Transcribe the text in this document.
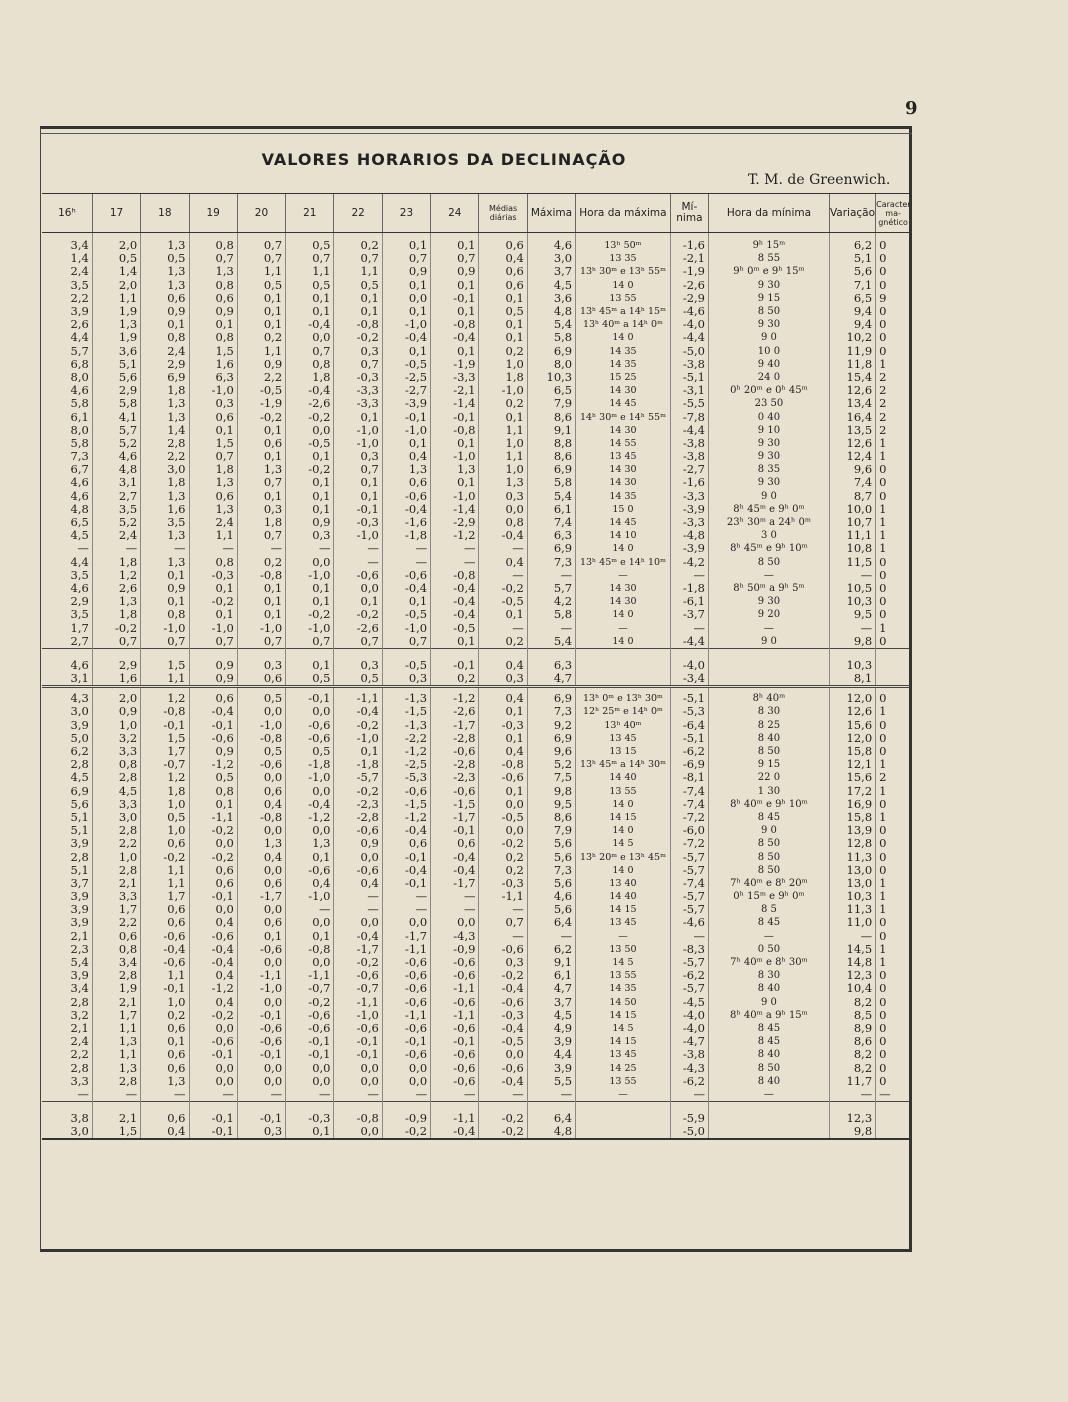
9
VALORES HORARIOS DA DECLINAÇÃO
T. M. de Greenwich.
16ʰ	17	18	19	20	21	22	23	24	Médias diárias	Máxima	Hora da máxima	Mí-nima	Hora da mínima	Variação	Caracter ma-gnético

3,4	2,0	1,3	0,8	0,7	0,5	0,2	0,1	0,1	0,6	4,6	13ʰ 50ᵐ	-1,6	9ʰ 15ᵐ	6,2	0
1,4	0,5	0,5	0,7	0,7	0,7	0,7	0,7	0,7	0,4	3,0	13 35	-2,1	8 55	5,1	0
2,4	1,4	1,3	1,3	1,1	1,1	1,1	0,9	0,9	0,6	3,7	13ʰ 30ᵐ e 13ʰ 55ᵐ	-1,9	9ʰ 0ᵐ e 9ʰ 15ᵐ	5,6	0
3,5	2,0	1,3	0,8	0,5	0,5	0,5	0,1	0,1	0,6	4,5	14 0	-2,6	9 30	7,1	0
2,2	1,1	0,6	0,6	0,1	0,1	0,1	0,0	-0,1	0,1	3,6	13 55	-2,9	9 15	6,5	9
3,9	1,9	0,9	0,9	0,1	0,1	0,1	0,1	0,1	0,5	4,8	13ʰ 45ᵐ a 14ʰ 15ᵐ	-4,6	8 50	9,4	0
2,6	1,3	0,1	0,1	0,1	-0,4	-0,8	-1,0	-0,8	0,1	5,4	13ʰ 40ᵐ a 14ʰ 0ᵐ	-4,0	9 30	9,4	0
4,4	1,9	0,8	0,8	0,2	0,0	-0,2	-0,4	-0,4	0,1	5,8	14 0	-4,4	9 0	10,2	0
5,7	3,6	2,4	1,5	1,1	0,7	0,3	0,1	0,1	0,2	6,9	14 35	-5,0	10 0	11,9	0
6,8	5,1	2,9	1,6	0,9	0,8	0,7	-0,5	-1,9	1,0	8,0	14 35	-3,8	9 40	11,8	1
8,0	5,6	6,9	6,3	2,2	1,8	-0,3	-2,5	-3,3	1,8	10,3	15 25	-5,1	24 0	15,4	2
4,6	2,9	1,8	-1,0	-0,5	-0,4	-3,3	-2,7	-2,1	-1,0	6,5	14 30	-3,1	0ʰ 20ᵐ e 0ʰ 45ᵐ	12,6	2
5,8	5,8	1,3	0,3	-1,9	-2,6	-3,3	-3,9	-1,4	0,2	7,9	14 45	-5,5	23 50	13,4	2
6,1	4,1	1,3	0,6	-0,2	-0,2	0,1	-0,1	-0,1	0,1	8,6	14ʰ 30ᵐ e 14ʰ 55ᵐ	-7,8	0 40	16,4	2
8,0	5,7	1,4	0,1	0,1	0,0	-1,0	-1,0	-0,8	1,1	9,1	14 30	-4,4	9 10	13,5	2
5,8	5,2	2,8	1,5	0,6	-0,5	-1,0	0,1	0,1	1,0	8,8	14 55	-3,8	9 30	12,6	1
7,3	4,6	2,2	0,7	0,1	0,1	0,3	0,4	-1,0	1,1	8,6	13 45	-3,8	9 30	12,4	1
6,7	4,8	3,0	1,8	1,3	-0,2	0,7	1,3	1,3	1,0	6,9	14 30	-2,7	8 35	9,6	0
4,6	3,1	1,8	1,3	0,7	0,1	0,1	0,6	0,1	1,3	5,8	14 30	-1,6	9 30	7,4	0
4,6	2,7	1,3	0,6	0,1	0,1	0,1	-0,6	-1,0	0,3	5,4	14 35	-3,3	9 0	8,7	0
4,8	3,5	1,6	1,3	0,3	0,1	-0,1	-0,4	-1,4	0,0	6,1	15 0	-3,9	8ʰ 45ᵐ e 9ʰ 0ᵐ	10,0	1
6,5	5,2	3,5	2,4	1,8	0,9	-0,3	-1,6	-2,9	0,8	7,4	14 45	-3,3	23ʰ 30ᵐ a 24ʰ 0ᵐ	10,7	1
4,5	2,4	1,3	1,1	0,7	0,3	-1,0	-1,8	-1,2	-0,4	6,3	14 10	-4,8	3 0	11,1	1
—	—	—	—	—	—	—	—	—	—	6,9	14 0	-3,9	8ʰ 45ᵐ e 9ʰ 10ᵐ	10,8	1
4,4	1,8	1,3	0,8	0,2	0,0	—	—	—	0,4	7,3	13ʰ 45ᵐ e 14ʰ 10ᵐ	-4,2	8 50	11,5	0
3,5	1,2	0,1	-0,3	-0,8	-1,0	-0,6	-0,6	-0,8	—	—	—	—	—	—	0
4,6	2,6	0,9	0,1	0,1	0,1	0,0	-0,4	-0,4	-0,2	5,7	14 30	-1,8	8ʰ 50ᵐ a 9ʰ 5ᵐ	10,5	0
2,9	1,3	0,1	-0,2	0,1	0,1	0,1	0,1	-0,4	-0,5	4,2	14 30	-6,1	9 30	10,3	0
3,5	1,8	0,8	0,1	0,1	-0,2	-0,2	-0,5	-0,4	0,1	5,8	14 0	-3,7	9 20	9,5	0
1,7	-0,2	-1,0	-1,0	-1,0	-1,0	-2,6	-1,0	-0,5	—	—	—	—	—	—	1
2,7	0,7	0,7	0,7	0,7	0,7	0,7	0,7	0,1	0,2	5,4	14 0	-4,4	9 0	9,8	0

4,6	2,9	1,5	0,9	0,3	0,1	0,3	-0,5	-0,1	0,4	6,3		-4,0		10,3	
3,1	1,6	1,1	0,9	0,6	0,5	0,5	0,3	0,2	0,3	4,7		-3,4		8,1	

4,3	2,0	1,2	0,6	0,5	-0,1	-1,1	-1,3	-1,2	0,4	6,9	13ʰ 0ᵐ e 13ʰ 30ᵐ	-5,1	8ʰ 40ᵐ	12,0	0
3,0	0,9	-0,8	-0,4	0,0	0,0	-0,4	-1,5	-2,6	0,1	7,3	12ʰ 25ᵐ e 14ʰ 0ᵐ	-5,3	8 30	12,6	1
3,9	1,0	-0,1	-0,1	-1,0	-0,6	-0,2	-1,3	-1,7	-0,3	9,2	13ʰ 40ᵐ	-6,4	8 25	15,6	0
5,0	3,2	1,5	-0,6	-0,8	-0,6	-1,0	-2,2	-2,8	0,1	6,9	13 45	-5,1	8 40	12,0	0
6,2	3,3	1,7	0,9	0,5	0,5	0,1	-1,2	-0,6	0,4	9,6	13 15	-6,2	8 50	15,8	0
2,8	0,8	-0,7	-1,2	-0,6	-1,8	-1,8	-2,5	-2,8	-0,8	5,2	13ʰ 45ᵐ a 14ʰ 30ᵐ	-6,9	9 15	12,1	1
4,5	2,8	1,2	0,5	0,0	-1,0	-5,7	-5,3	-2,3	-0,6	7,5	14 40	-8,1	22 0	15,6	2
6,9	4,5	1,8	0,8	0,6	0,0	-0,2	-0,6	-0,6	0,1	9,8	13 55	-7,4	1 30	17,2	1
5,6	3,3	1,0	0,1	0,4	-0,4	-2,3	-1,5	-1,5	0,0	9,5	14 0	-7,4	8ʰ 40ᵐ e 9ʰ 10ᵐ	16,9	0
5,1	3,0	0,5	-1,1	-0,8	-1,2	-2,8	-1,2	-1,7	-0,5	8,6	14 15	-7,2	8 45	15,8	1
5,1	2,8	1,0	-0,2	0,0	0,0	-0,6	-0,4	-0,1	0,0	7,9	14 0	-6,0	9 0	13,9	0
3,9	2,2	0,6	0,0	1,3	1,3	0,9	0,6	0,6	-0,2	5,6	14 5	-7,2	8 50	12,8	0
2,8	1,0	-0,2	-0,2	0,4	0,1	0,0	-0,1	-0,4	0,2	5,6	13ʰ 20ᵐ e 13ʰ 45ᵐ	-5,7	8 50	11,3	0
5,1	2,8	1,1	0,6	0,0	-0,6	-0,6	-0,4	-0,4	0,2	7,3	14 0	-5,7	8 50	13,0	0
3,7	2,1	1,1	0,6	0,6	0,4	0,4	-0,1	-1,7	-0,3	5,6	13 40	-7,4	7ʰ 40ᵐ e 8ʰ 20ᵐ	13,0	1
3,9	3,3	1,7	-0,1	-1,7	-1,0	—	—	—	-1,1	4,6	14 40	-5,7	0ʰ 15ᵐ e 9ʰ 0ᵐ	10,3	1
3,9	1,7	0,6	0,0	0,0	—	—	—	—	—	5,6	14 15	-5,7	8 5	11,3	1
3,9	2,2	0,6	0,4	0,6	0,0	0,0	0,0	0,0	0,7	6,4	13 45	-4,6	8 45	11,0	0
2,1	0,6	-0,6	-0,6	0,1	0,1	-0,4	-1,7	-4,3	—	—	—	—	—	—	0
2,3	0,8	-0,4	-0,4	-0,6	-0,8	-1,7	-1,1	-0,9	-0,6	6,2	13 50	-8,3	0 50	14,5	1
5,4	3,4	-0,6	-0,4	0,0	0,0	-0,2	-0,6	-0,6	0,3	9,1	14 5	-5,7	7ʰ 40ᵐ e 8ʰ 30ᵐ	14,8	1
3,9	2,8	1,1	0,4	-1,1	-1,1	-0,6	-0,6	-0,6	-0,2	6,1	13 55	-6,2	8 30	12,3	0
3,4	1,9	-0,1	-1,2	-1,0	-0,7	-0,7	-0,6	-1,1	-0,4	4,7	14 35	-5,7	8 40	10,4	0
2,8	2,1	1,0	0,4	0,0	-0,2	-1,1	-0,6	-0,6	-0,6	3,7	14 50	-4,5	9 0	8,2	0
3,2	1,7	0,2	-0,2	-0,1	-0,6	-1,0	-1,1	-1,1	-0,3	4,5	14 15	-4,0	8ʰ 40ᵐ a 9ʰ 15ᵐ	8,5	0
2,1	1,1	0,6	0,0	-0,6	-0,6	-0,6	-0,6	-0,6	-0,4	4,9	14 5	-4,0	8 45	8,9	0
2,4	1,3	0,1	-0,6	-0,6	-0,1	-0,1	-0,1	-0,1	-0,5	3,9	14 15	-4,7	8 45	8,6	0
2,2	1,1	0,6	-0,1	-0,1	-0,1	-0,1	-0,6	-0,6	0,0	4,4	13 45	-3,8	8 40	8,2	0
2,8	1,3	0,6	0,0	0,0	0,0	0,0	0,0	-0,6	-0,6	3,9	14 25	-4,3	8 50	8,2	0
3,3	2,8	1,3	0,0	0,0	0,0	0,0	0,0	-0,6	-0,4	5,5	13 55	-6,2	8 40	11,7	0
—	—	—	—	—	—	—	—	—	—	—	—	—	—	—	—

3,8	2,1	0,6	-0,1	-0,1	-0,3	-0,8	-0,9	-1,1	-0,2	6,4		-5,9		12,3	
3,0	1,5	0,4	-0,1	0,3	0,1	0,0	-0,2	-0,4	-0,2	4,8		-5,0		9,8	
